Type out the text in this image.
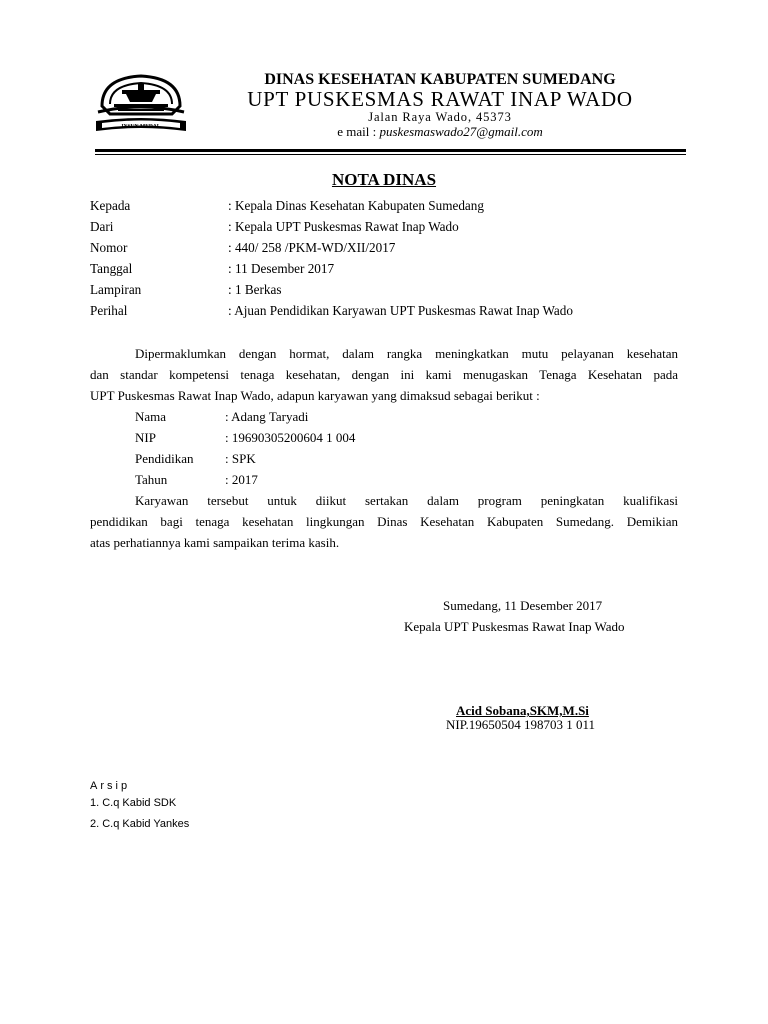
INSUN MEDAL
DINAS KESEHATAN KABUPATEN SUMEDANG
UPT PUSKESMAS RAWAT INAP WADO
Jalan Raya Wado, 45373
e mail : puskesmaswado27@gmail.com
NOTA DINAS
Kepada	: Kepala Dinas Kesehatan Kabupaten Sumedang
Dari	: Kepala UPT Puskesmas Rawat Inap Wado
Nomor	: 440/ 258 /PKM-WD/XII/2017
Tanggal	: 11 Desember 2017
Lampiran	: 1 Berkas
Perihal	: Ajuan Pendidikan Karyawan UPT Puskesmas Rawat Inap Wado
Dipermaklumkan dengan hormat, dalam rangka meningkatkan mutu pelayanan kesehatan
dan standar kompetensi tenaga kesehatan, dengan ini kami menugaskan Tenaga Kesehatan pada
UPT Puskesmas Rawat Inap Wado, adapun karyawan yang dimaksud sebagai berikut :
Nama	: Adang Taryadi
NIP	: 19690305200604 1 004
Pendidikan : SPK
Tahun	: 2017
Karyawan tersebut untuk diikut sertakan dalam program peningkatan kualifikasi
pendidikan bagi tenaga kesehatan lingkungan Dinas Kesehatan Kabupaten Sumedang. Demikian
atas perhatiannya kami sampaikan terima kasih.
Sumedang, 11 Desember 2017
Kepala UPT Puskesmas Rawat Inap Wado
Acid Sobana,SKM,M.Si
NIP.19650504 198703 1 011
Arsip
1. C.q Kabid SDK
2. C.q Kabid Yankes
